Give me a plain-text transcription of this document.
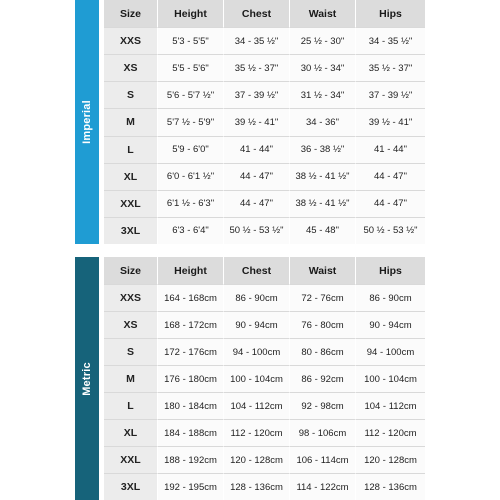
Imperial
Size	Height	Chest	Waist	Hips
XXS	5'3 - 5'5"	34 - 35 ½"	25 ½ - 30"	34 - 35 ½"
XS	5'5 - 5'6"	35 ½ - 37"	30 ½ - 34"	35 ½ - 37"
S	5'6 - 5'7 ½"	37 - 39 ½"	31 ½ - 34"	37 - 39 ½"
M	5'7 ½ - 5'9"	39 ½ - 41"	34 - 36"	39 ½ - 41"
L	5'9 - 6'0"	41 - 44"	36 - 38 ½"	41 - 44"
XL	6'0 - 6'1 ½"	44 - 47"	38 ½ - 41 ½"	44 - 47"
XXL	6'1 ½ - 6'3"	44 - 47"	38 ½ - 41 ½"	44 - 47"
3XL	6'3 - 6'4"	50 ½ - 53 ½"	45 - 48"	50 ½ - 53 ½"
Metric
Size	Height	Chest	Waist	Hips
XXS	164 - 168cm	86 - 90cm	72 - 76cm	86 - 90cm
XS	168 - 172cm	90 - 94cm	76 - 80cm	90 - 94cm
S	172 - 176cm	94 - 100cm	80 - 86cm	94 - 100cm
M	176 - 180cm	100 - 104cm	86 - 92cm	100 - 104cm
L	180 - 184cm	104 - 112cm	92 - 98cm	104 - 112cm
XL	184 - 188cm	112 - 120cm	98 - 106cm	112 - 120cm
XXL	188 - 192cm	120 - 128cm	106 - 114cm	120 - 128cm
3XL	192 - 195cm	128 - 136cm	114 - 122cm	128 - 136cm
